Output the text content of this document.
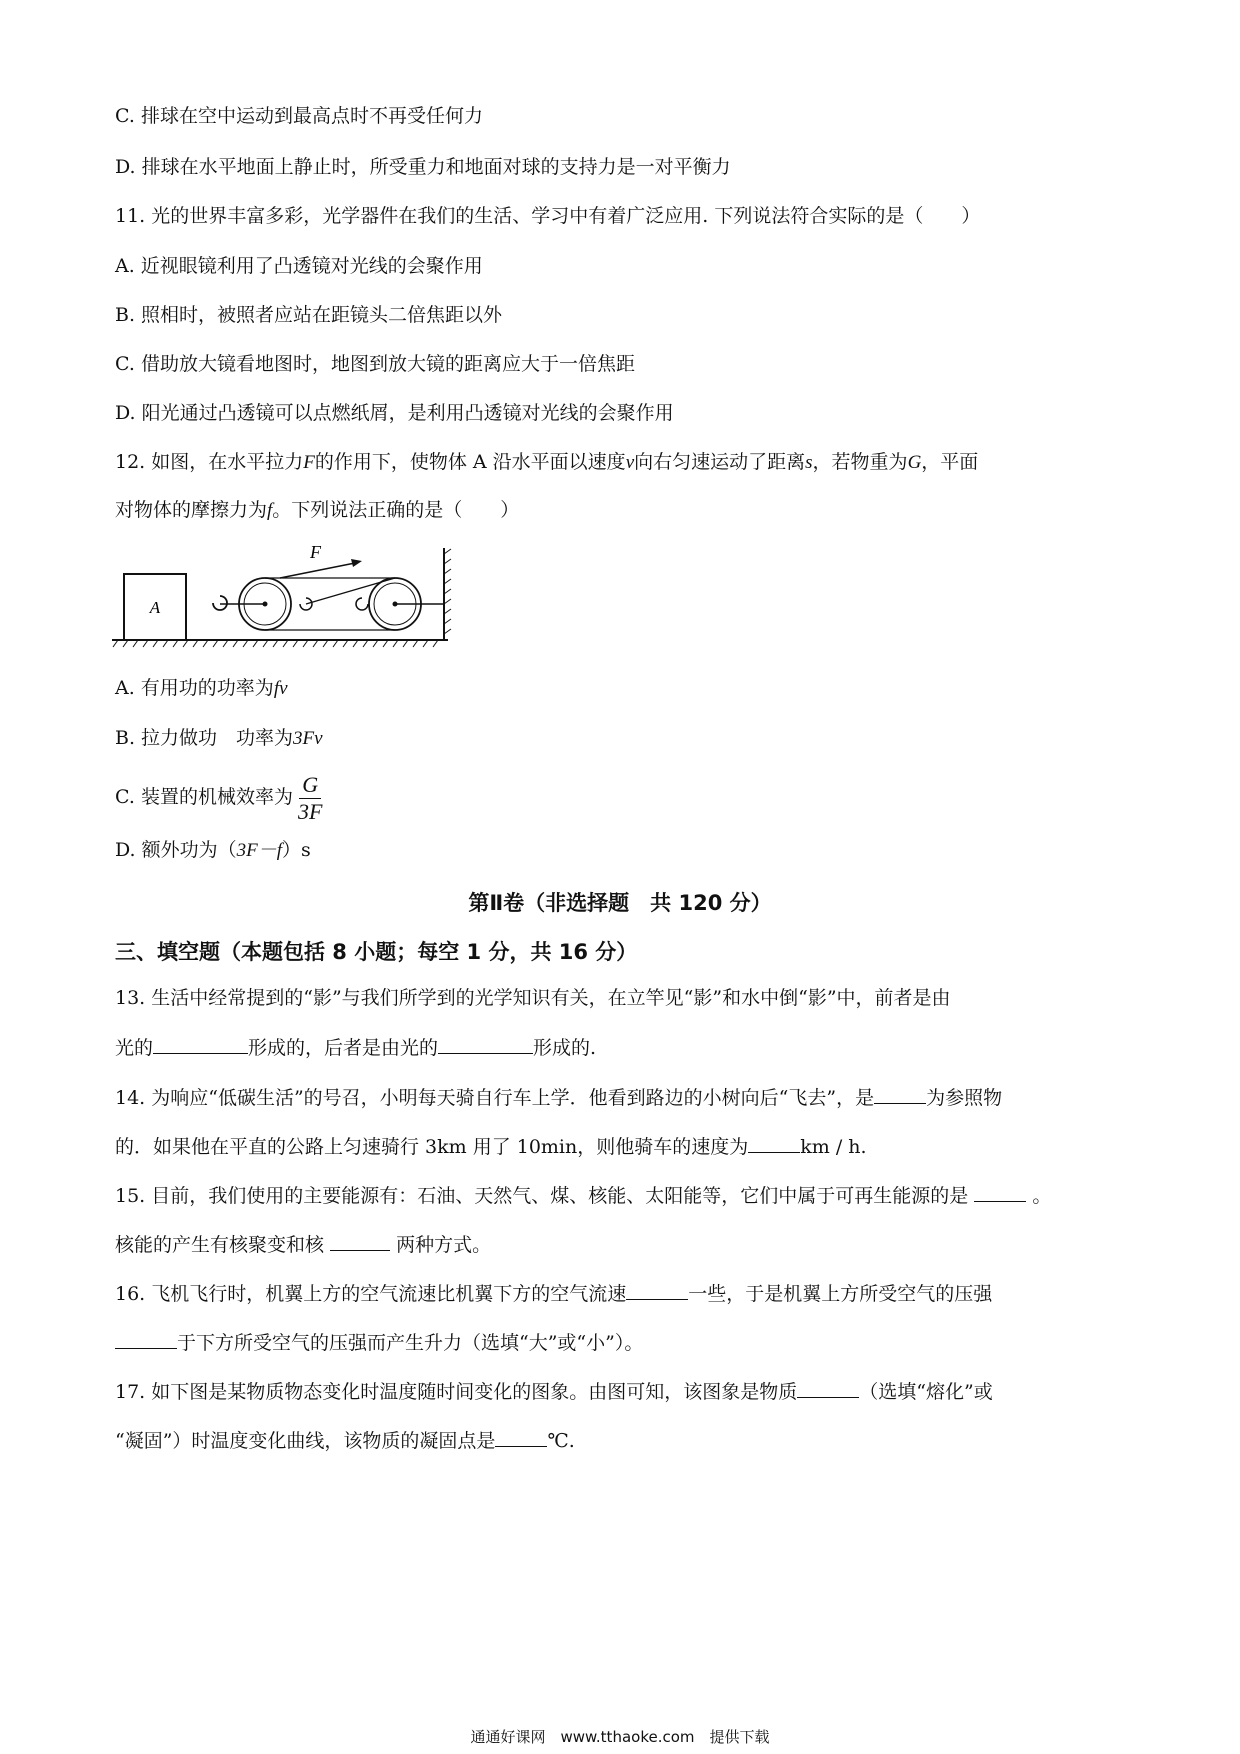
C. 排球在空中运动到最高点时不再受任何力
D. 排球在水平地面上静止时，所受重力和地面对球的支持力是一对平衡力
11. 光的世界丰富多彩，光学器件在我们的生活、学习中有着广泛应用. 下列说法符合实际的是（　　）
A. 近视眼镜利用了凸透镜对光线的会聚作用
B. 照相时，被照者应站在距镜头二倍焦距以外
C. 借助放大镜看地图时，地图到放大镜的距离应大于一倍焦距
D. 阳光通过凸透镜可以点燃纸屑，是利用凸透镜对光线的会聚作用
12. 如图，在水平拉力F的作用下，使物体 A 沿水平面以速度v向右匀速运动了距离s，若物重为G，平面
对物体的摩擦力为f。下列说法正确的是（　　）
A
F
A. 有用功的功率为fv
B. 拉力做功　功率为3Fv
C. 装置的机械效率为 $\frac{G}{3F}$
D. 额外功为（3F－f）s
第Ⅱ卷（非选择题　共 120 分）
三、填空题（本题包括 8 小题；每空 1 分，共 16 分）
13. 生活中经常提到的“影”与我们所学到的光学知识有关，在立竿见“影”和水中倒“影”中，前者是由
光的	形成的，后者是由光的	形成的.
14. 为响应“低碳生活”的号召，小明每天骑自行车上学．他看到路边的小树向后“飞去”，是	为参照物
的．如果他在平直的公路上匀速骑行 3km 用了 10min，则他骑车的速度为	km / h.
15. 目前，我们使用的主要能源有：石油、天然气、煤、核能、太阳能等，它们中属于可再生能源的是	。
核能的产生有核聚变和核	两种方式。
16. 飞机飞行时，机翼上方的空气流速比机翼下方的空气流速	一些，于是机翼上方所受空气的压强
于下方所受空气的压强而产生升力（选填“大”或“小”）。
17. 如下图是某物质物态变化时温度随时间变化的图象。由图可知，该图象是物质	（选填“熔化”或
“凝固”）时温度变化曲线，该物质的凝固点是	℃.
通通好课网　www.tthaoke.com　提供下载
